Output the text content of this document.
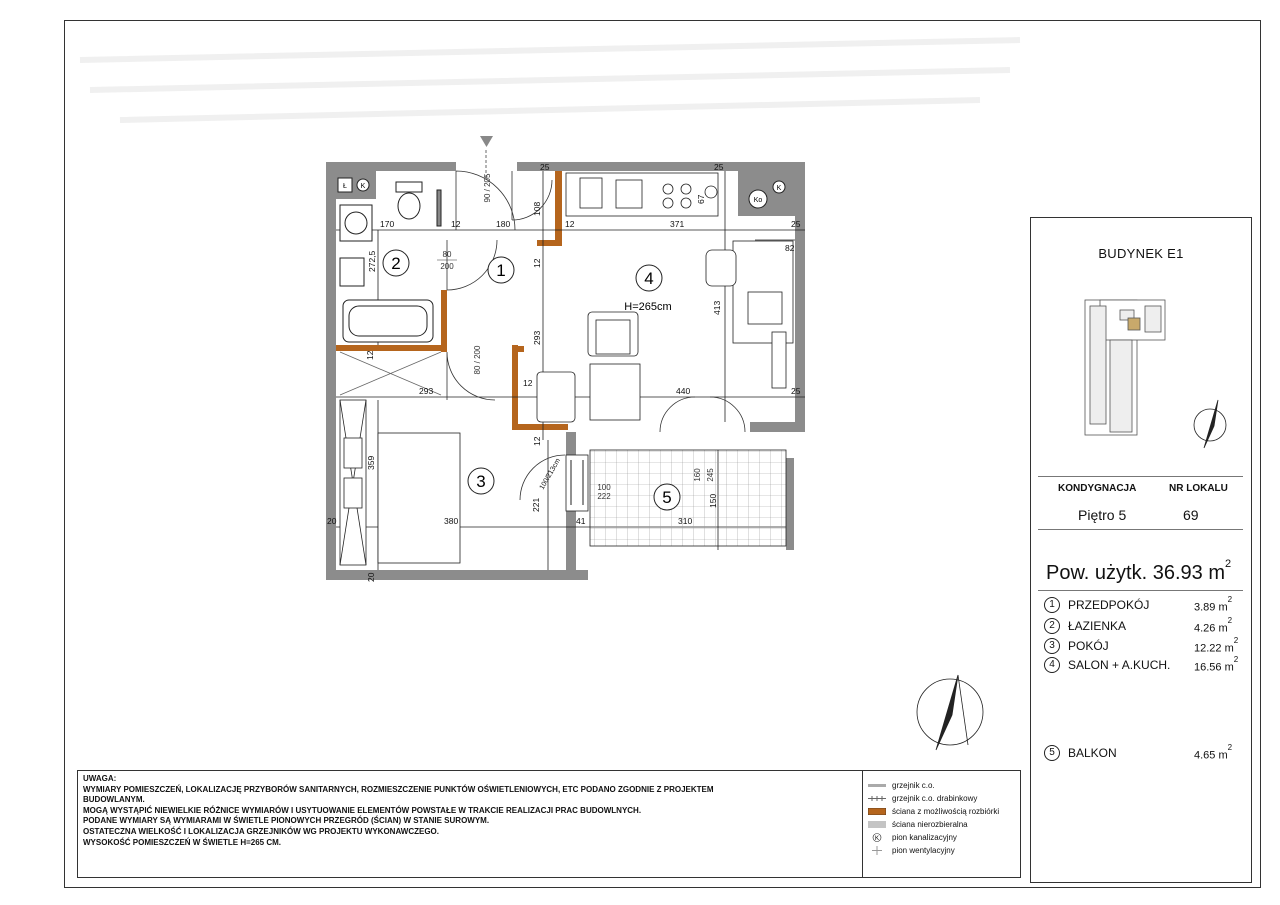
Ł K
Ko
K
2	1	4
3
5
H=265cm
170	12	180	12	371	25
82
293	440	25
380
20	41	310
12
25
25
272,5
293
413
108
359
221	150
20
12
12
12
67
100/213cm
80
200
80 / 200
90 / 205
100
222
160 245
BUDYNEK E1
KONDYGNACJA	NR LOKALU
Piętro 5	69
Pow. użytk. 36.93 $m^2$
1	PRZEDPOKÓJ	3.89 $m^2$
2	ŁAZIENKA	4.26 $m^2$
3	POKÓJ	12.22 $m^2$
4	SALON + A.KUCH. 16.56 $m^2$
5	BALKON	4.65 $m^2$
UWAGA:
WYMIARY POMIESZCZEŃ, LOKALIZACJĘ PRZYBORÓW SANITARNYCH, ROZMIESZCZENIE PUNKTÓW OŚWIETLENIOWYCH, ETC PODANO ZGODNIE Z PROJEKTEM
BUDOWLANYM.
MOGĄ WYSTĄPIĆ NIEWIELKIE RÓŻNICE WYMIARÓW I USYTUOWANIE ELEMENTÓW POWSTAŁE W TRAKCIE REALIZACJI PRAC BUDOWLNYCH.
PODANE WYMIARY SĄ WYMIARAMI W ŚWIETLE PIONOWYCH PRZEGRÓD (ŚCIAN) W STANIE SUROWYM.
OSTATECZNA WIELKOŚĆ I LOKALIZACJA GRZEJNIKÓW WG PROJEKTU WYKONAWCZEGO.
WYSOKOŚĆ POMIESZCZEŃ W ŚWIETLE H=265 CM.
grzejnik c.o.
grzejnik c.o. drabinkowy
ściana z możliwością rozbiórki
ściana nierozbieralna
K pion kanalizacyjny
pion wentylacyjny
